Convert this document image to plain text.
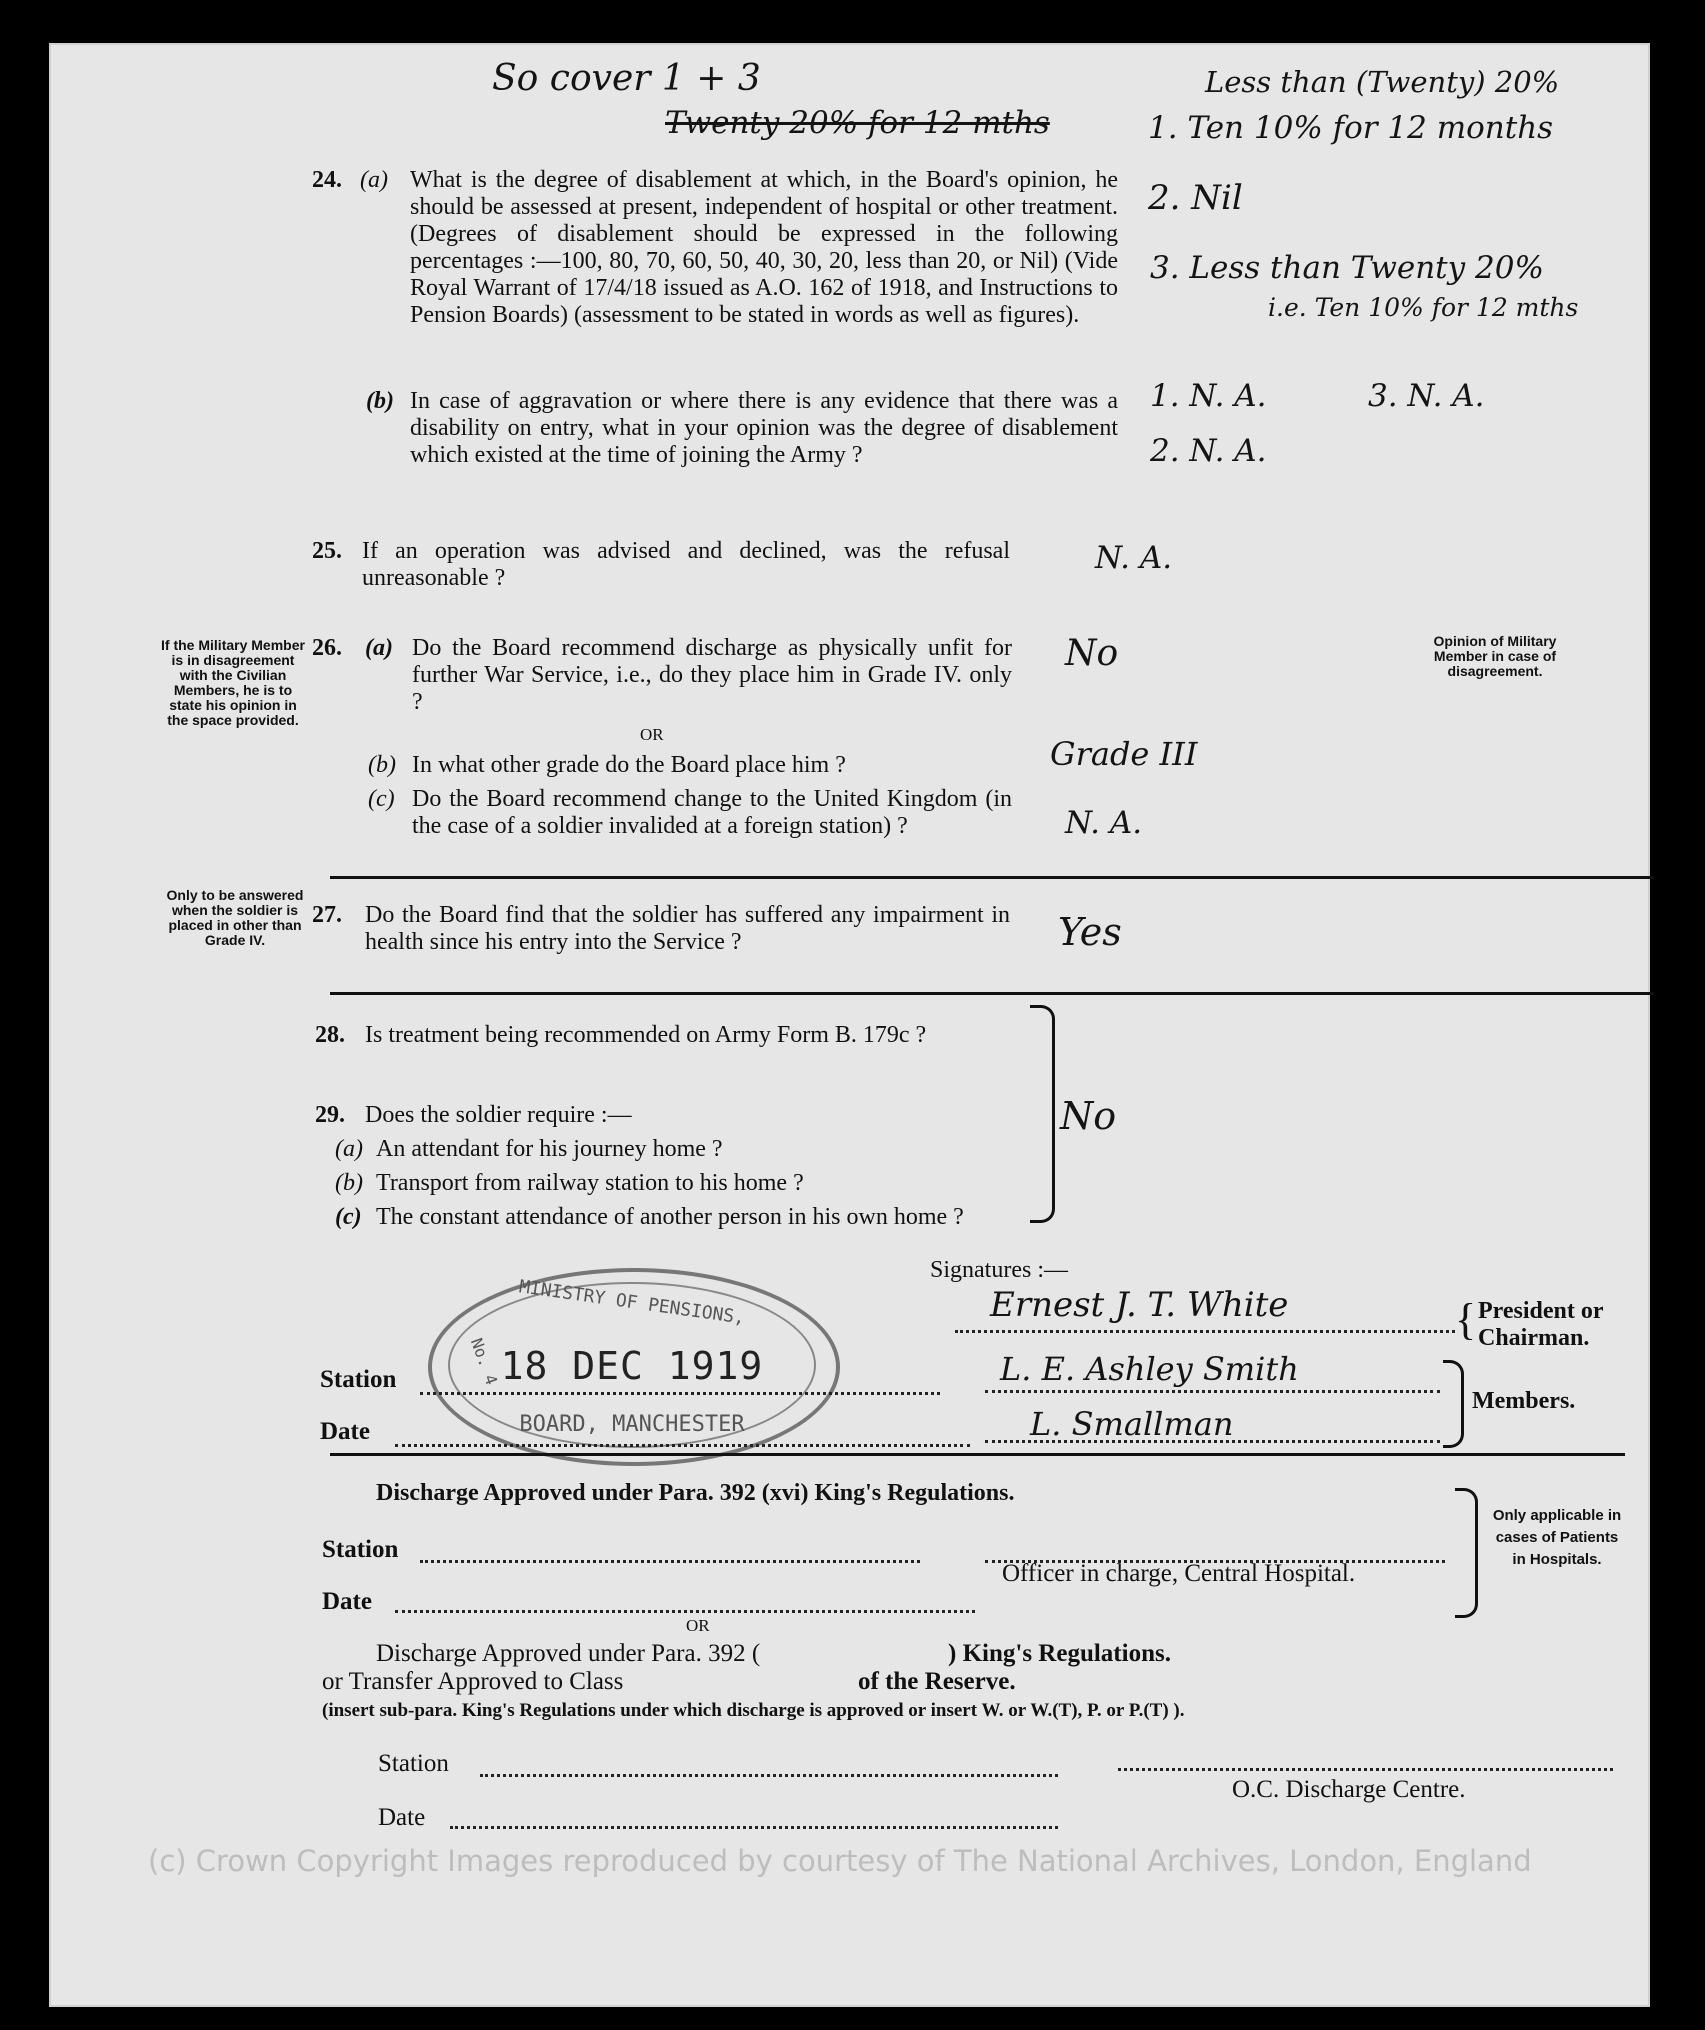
So cover 1 + 3
Twenty 20% for 12 mths
Less than (Twenty) 20%
1. Ten 10% for 12 months
2. Nil
3. Less than Twenty 20%
i.e. Ten 10% for 12 mths
1. N. A.	3. N. A.
2. N. A.
24. (a) What is the degree of disablement at which, in the Board's opinion, he should be assessed at present, independent of hospital or other treatment. (Degrees of disablement should be expressed in the following percentages :—100, 80, 70, 60, 50, 40, 30, 20, less than 20, or Nil) (Vide Royal Warrant of 17/4/18 issued as A.O. 162 of 1918, and Instructions to Pension Boards) (assessment to be stated in words as well as figures).
(b) In case of aggravation or where there is any evidence that there was a disability on entry, what in your opinion was the degree of disablement which existed at the time of joining the Army ?
25. If an operation was advised and declined, was the refusal unreasonable ?
N. A.
If the Military Member is in disagreement with the Civilian Members, he is to state his opinion in the space provided.
26. (a) Do the Board recommend discharge as physically unfit for further War Service, i.e., do they place him in Grade IV. only ?
OR
(b) In what other grade do the Board place him ?
(c) Do the Board recommend change to the United Kingdom (in the case of a soldier invalided at a foreign station) ?
No
Grade III
N. A.
Opinion of Military Member in case of disagreement.
Only to be answered when the soldier is placed in other than Grade IV.
27. Do the Board find that the soldier has suffered any impairment in health since his entry into the Service ?	Yes
28. Is treatment being recommended on Army Form B. 179c ?
29. Does the soldier require :—
(a) An attendant for his journey home ?
(b) Transport from railway station to his home ?
(c) The constant attendance of another person in his own home ?
No
Signatures :—
Ernest J. T. White	President or
Chairman.
{
L. E. Ashley Smith
L. Smallman
Members.
MINISTRY OF PENSIONS,
18 DEC 1919
BOARD, MANCHESTER
No. 4
Station
Date
Discharge Approved under Para. 392 (xvi) King's Regulations.
Station
Officer in charge, Central Hospital.
Date
Only applicable in cases of Patients in Hospitals.
OR
Discharge Approved under Para. 392 (	) King's Regulations.
or Transfer Approved to Class	of the Reserve.
(insert sub-para. King's Regulations under which discharge is approved or insert W. or W.(T), P. or P.(T) ).
Station
O.C. Discharge Centre.
Date
(c) Crown Copyright Images reproduced by courtesy of The National Archives, London, England
